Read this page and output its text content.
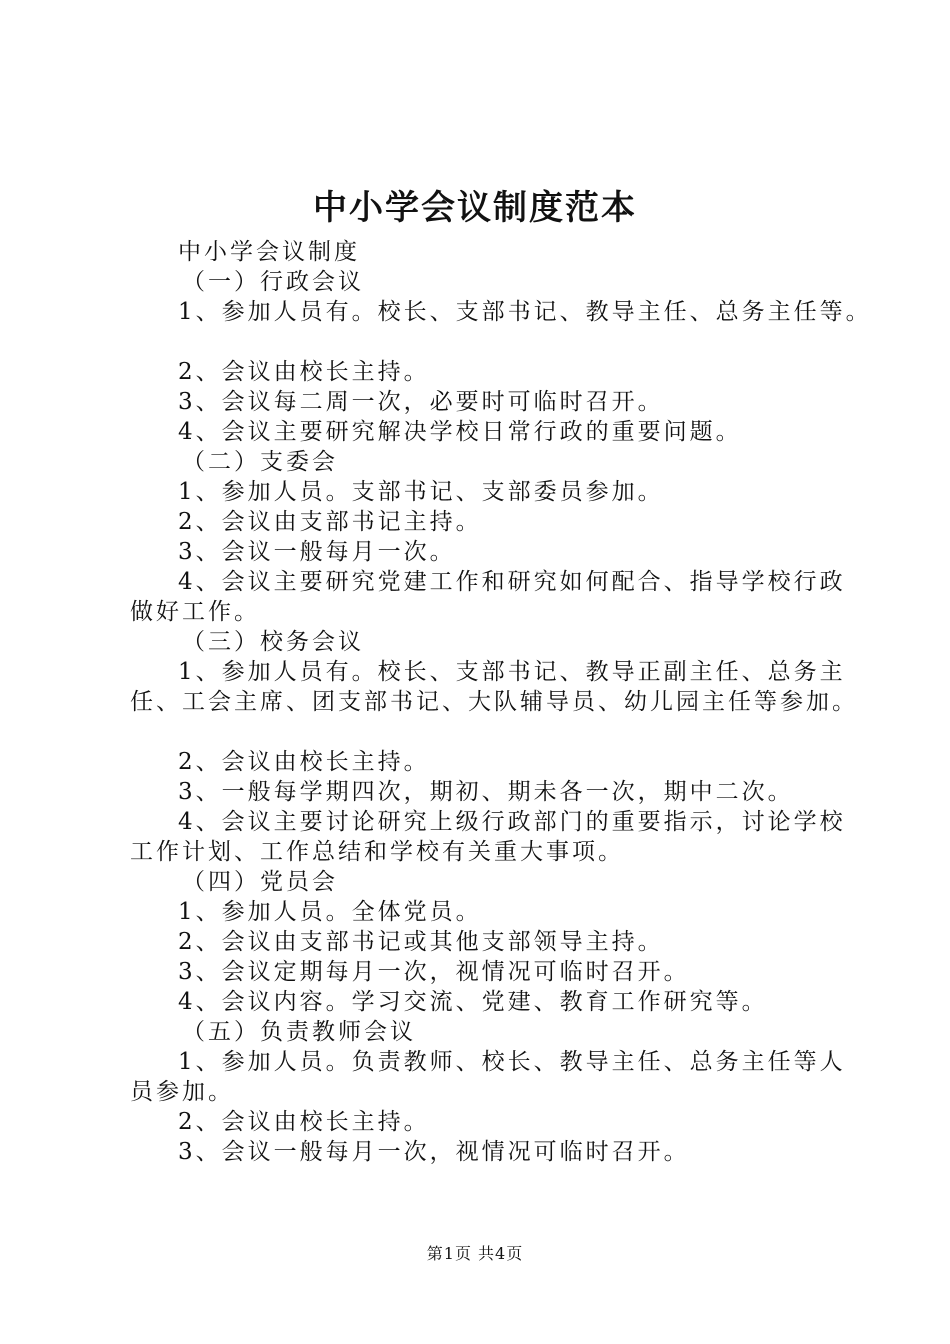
中小学会议制度范本

中小学会议制度

（一）行政会议

1、参加人员有。校长、支部书记、教导主任、总务主任等。

2、会议由校长主持。

3、会议每二周一次，必要时可临时召开。

4、会议主要研究解决学校日常行政的重要问题。

（二）支委会

1、参加人员。支部书记、支部委员参加。

2、会议由支部书记主持。

3、会议一般每月一次。

4、会议主要研究党建工作和研究如何配合、指导学校行政

做好工作。

（三）校务会议

1、参加人员有。校长、支部书记、教导正副主任、总务主

任、工会主席、团支部书记、大队辅导员、幼儿园主任等参加。

2、会议由校长主持。

3、一般每学期四次，期初、期未各一次，期中二次。

4、会议主要讨论研究上级行政部门的重要指示，讨论学校

工作计划、工作总结和学校有关重大事项。

（四）党员会

1、参加人员。全体党员。

2、会议由支部书记或其他支部领导主持。

3、会议定期每月一次，视情况可临时召开。

4、会议内容。学习交流、党建、教育工作研究等。

（五）负责教师会议

1、参加人员。负责教师、校长、教导主任、总务主任等人

员参加。

2、会议由校长主持。

3、会议一般每月一次，视情况可临时召开。

第1页 共4页
